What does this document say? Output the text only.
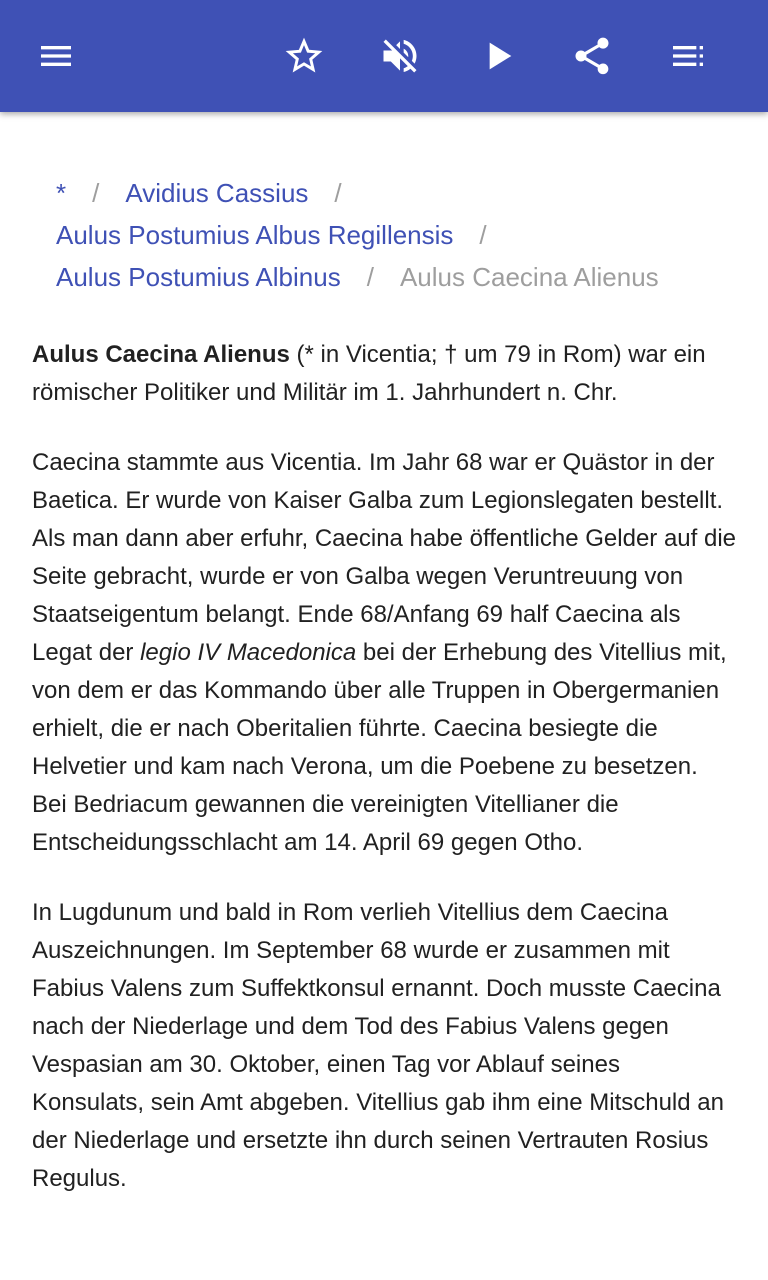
* / Avidius Cassius /
Aulus Postumius Albus Regillensis /
Aulus Postumius Albinus / Aulus Caecina Alienus

Aulus Caecina Alienus (* in Vicentia; † um 79 in Rom) war ein römischer Politiker und Militär im 1. Jahrhundert n. Chr.

Caecina stammte aus Vicentia. Im Jahr 68 war er Quästor in der Baetica. Er wurde von Kaiser Galba zum Legionslegaten bestellt. Als man dann aber erfuhr, Caecina habe öffentliche Gelder auf die Seite gebracht, wurde er von Galba wegen Veruntreuung von Staatseigentum belangt. Ende 68/Anfang 69 half Caecina als Legat der legio IV Macedonica bei der Erhebung des Vitellius mit, von dem er das Kommando über alle Truppen in Obergermanien erhielt, die er nach Oberitalien führte. Caecina besiegte die Helvetier und kam nach Verona, um die Poebene zu besetzen. Bei Bedriacum gewannen die vereinigten Vitellianer die Entscheidungsschlacht am 14. April 69 gegen Otho.

In Lugdunum und bald in Rom verlieh Vitellius dem Caecina Auszeichnungen. Im September 68 wurde er zusammen mit Fabius Valens zum Suffektkonsul ernannt. Doch musste Caecina nach der Niederlage und dem Tod des Fabius Valens gegen Vespasian am 30. Oktober, einen Tag vor Ablauf seines Konsulats, sein Amt abgeben. Vitellius gab ihm eine Mitschuld an der Niederlage und ersetzte ihn durch seinen Vertrauten Rosius Regulus.
